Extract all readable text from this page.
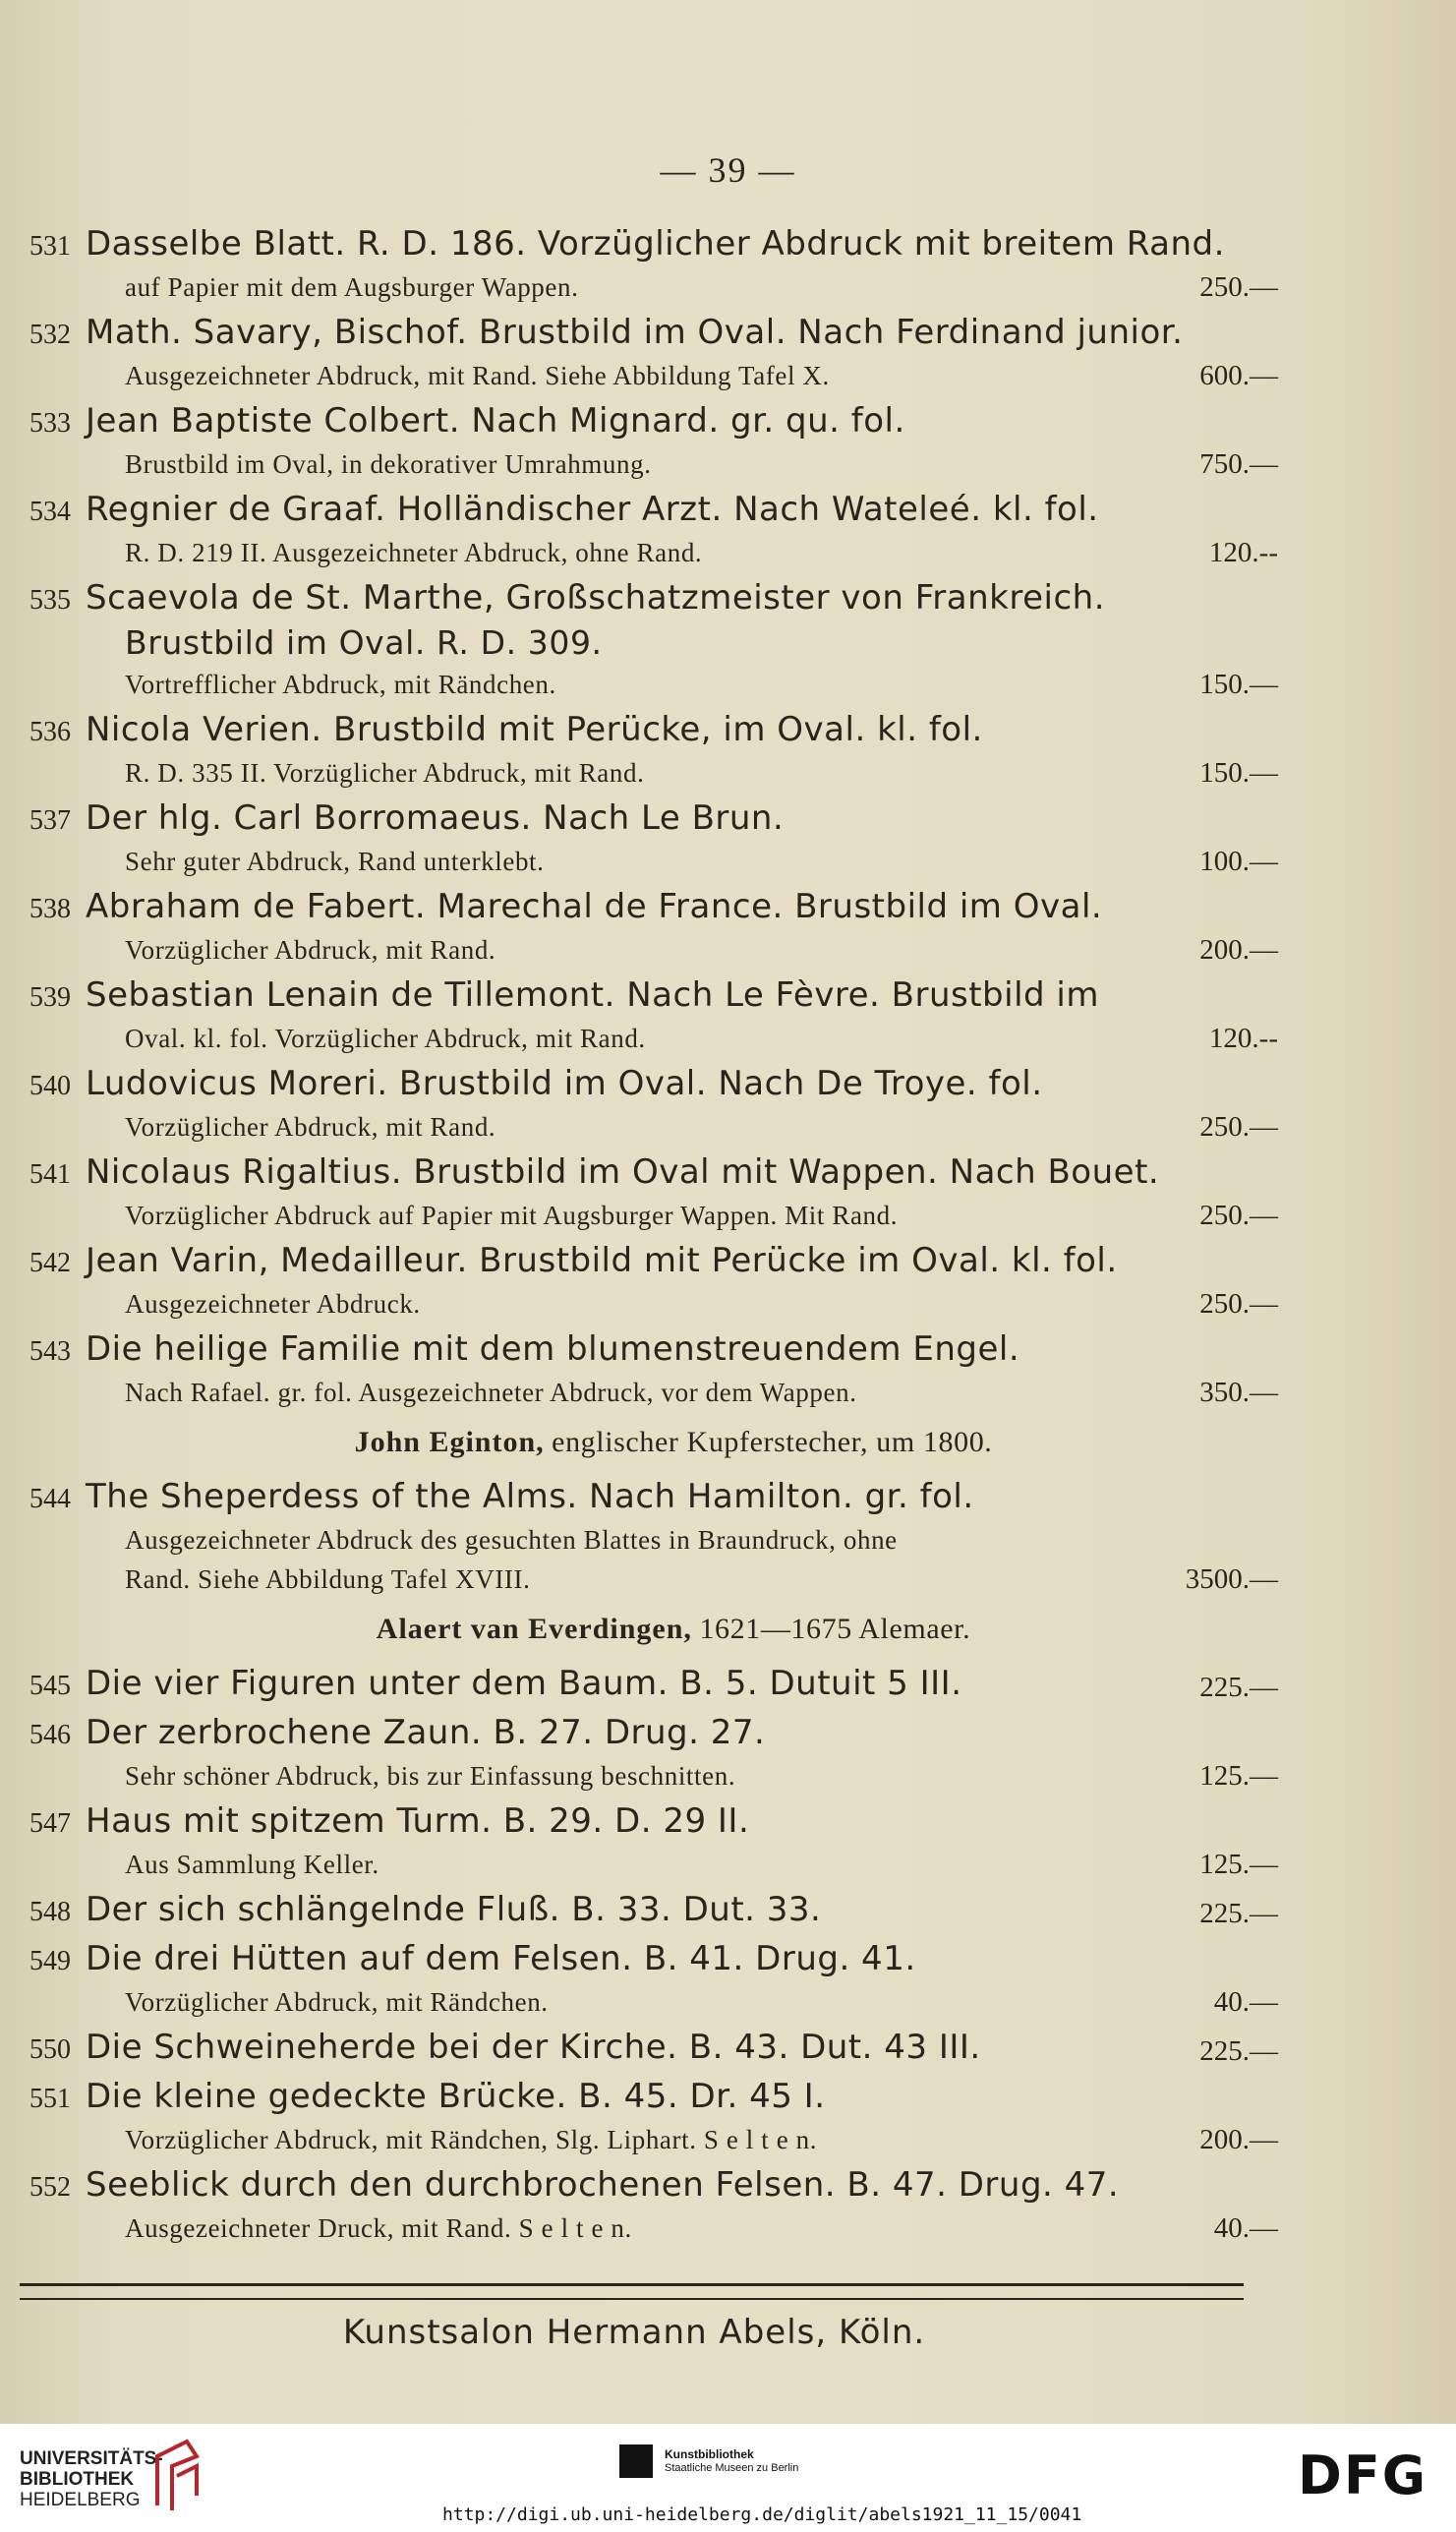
— 39 —
531 Dasselbe Blatt. R. D. 186. Vorzüglicher Abdruck mit breitem Rand.
auf Papier mit dem Augsburger Wappen.	250.—
532 Math. Savary, Bischof. Brustbild im Oval. Nach Ferdinand junior.
Ausgezeichneter Abdruck, mit Rand. Siehe Abbildung Tafel X.	600.—
533 Jean Baptiste Colbert. Nach Mignard. gr. qu. fol.
Brustbild im Oval, in dekorativer Umrahmung.	750.—
534 Regnier de Graaf. Holländischer Arzt. Nach Wateleé. kl. fol.
R. D. 219 II. Ausgezeichneter Abdruck, ohne Rand.	120.--
535 Scaevola de St. Marthe, Großschatzmeister von Frankreich.
Brustbild im Oval. R. D. 309.
Vortrefflicher Abdruck, mit Rändchen.	150.—
536 Nicola Verien. Brustbild mit Perücke, im Oval. kl. fol.
R. D. 335 II. Vorzüglicher Abdruck, mit Rand.	150.—
537 Der hlg. Carl Borromaeus. Nach Le Brun.
Sehr guter Abdruck, Rand unterklebt.	100.—
538 Abraham de Fabert. Marechal de France. Brustbild im Oval.
Vorzüglicher Abdruck, mit Rand.	200.—
539 Sebastian Lenain de Tillemont. Nach Le Fèvre. Brustbild im
Oval. kl. fol. Vorzüglicher Abdruck, mit Rand.	120.--
540 Ludovicus Moreri. Brustbild im Oval. Nach De Troye. fol.
Vorzüglicher Abdruck, mit Rand.	250.—
541 Nicolaus Rigaltius. Brustbild im Oval mit Wappen. Nach Bouet.
Vorzüglicher Abdruck auf Papier mit Augsburger Wappen. Mit Rand.	250.—
542 Jean Varin, Medailleur. Brustbild mit Perücke im Oval. kl. fol.
Ausgezeichneter Abdruck.	250.—
543 Die heilige Familie mit dem blumenstreuendem Engel.
Nach Rafael. gr. fol. Ausgezeichneter Abdruck, vor dem Wappen.	350.—
John Eginton, englischer Kupferstecher, um 1800.
544 The Sheperdess of the Alms. Nach Hamilton. gr. fol.
Ausgezeichneter Abdruck des gesuchten Blattes in Braundruck, ohne
Rand. Siehe Abbildung Tafel XVIII.	3500.—
Alaert van Everdingen, 1621—1675 Alemaer.
545 Die vier Figuren unter dem Baum. B. 5. Dutuit 5 III.	225.—
546 Der zerbrochene Zaun. B. 27. Drug. 27.
Sehr schöner Abdruck, bis zur Einfassung beschnitten.	125.—
547 Haus mit spitzem Turm. B. 29. D. 29 II.
Aus Sammlung Keller.	125.—
548 Der sich schlängelnde Fluß. B. 33. Dut. 33.	225.—
549 Die drei Hütten auf dem Felsen. B. 41. Drug. 41.
Vorzüglicher Abdruck, mit Rändchen.	40.—
550 Die Schweineherde bei der Kirche. B. 43. Dut. 43 III.	225.—
551 Die kleine gedeckte Brücke. B. 45. Dr. 45 I.
Vorzüglicher Abdruck, mit Rändchen, Slg. Liphart. S e l t e n.	200.—
552 Seeblick durch den durchbrochenen Felsen. B. 47. Drug. 47.
Ausgezeichneter Druck, mit Rand. S e l t e n.	40.—
Kunstsalon Hermann Abels, Köln.
UNIVERSITÄTS-
BIBLIOTHEK
HEIDELBERG
Kunstbibliothek
Staatliche Museen zu Berlin	DFG
http://digi.ub.uni-heidelberg.de/diglit/abels1921_11_15/0041
